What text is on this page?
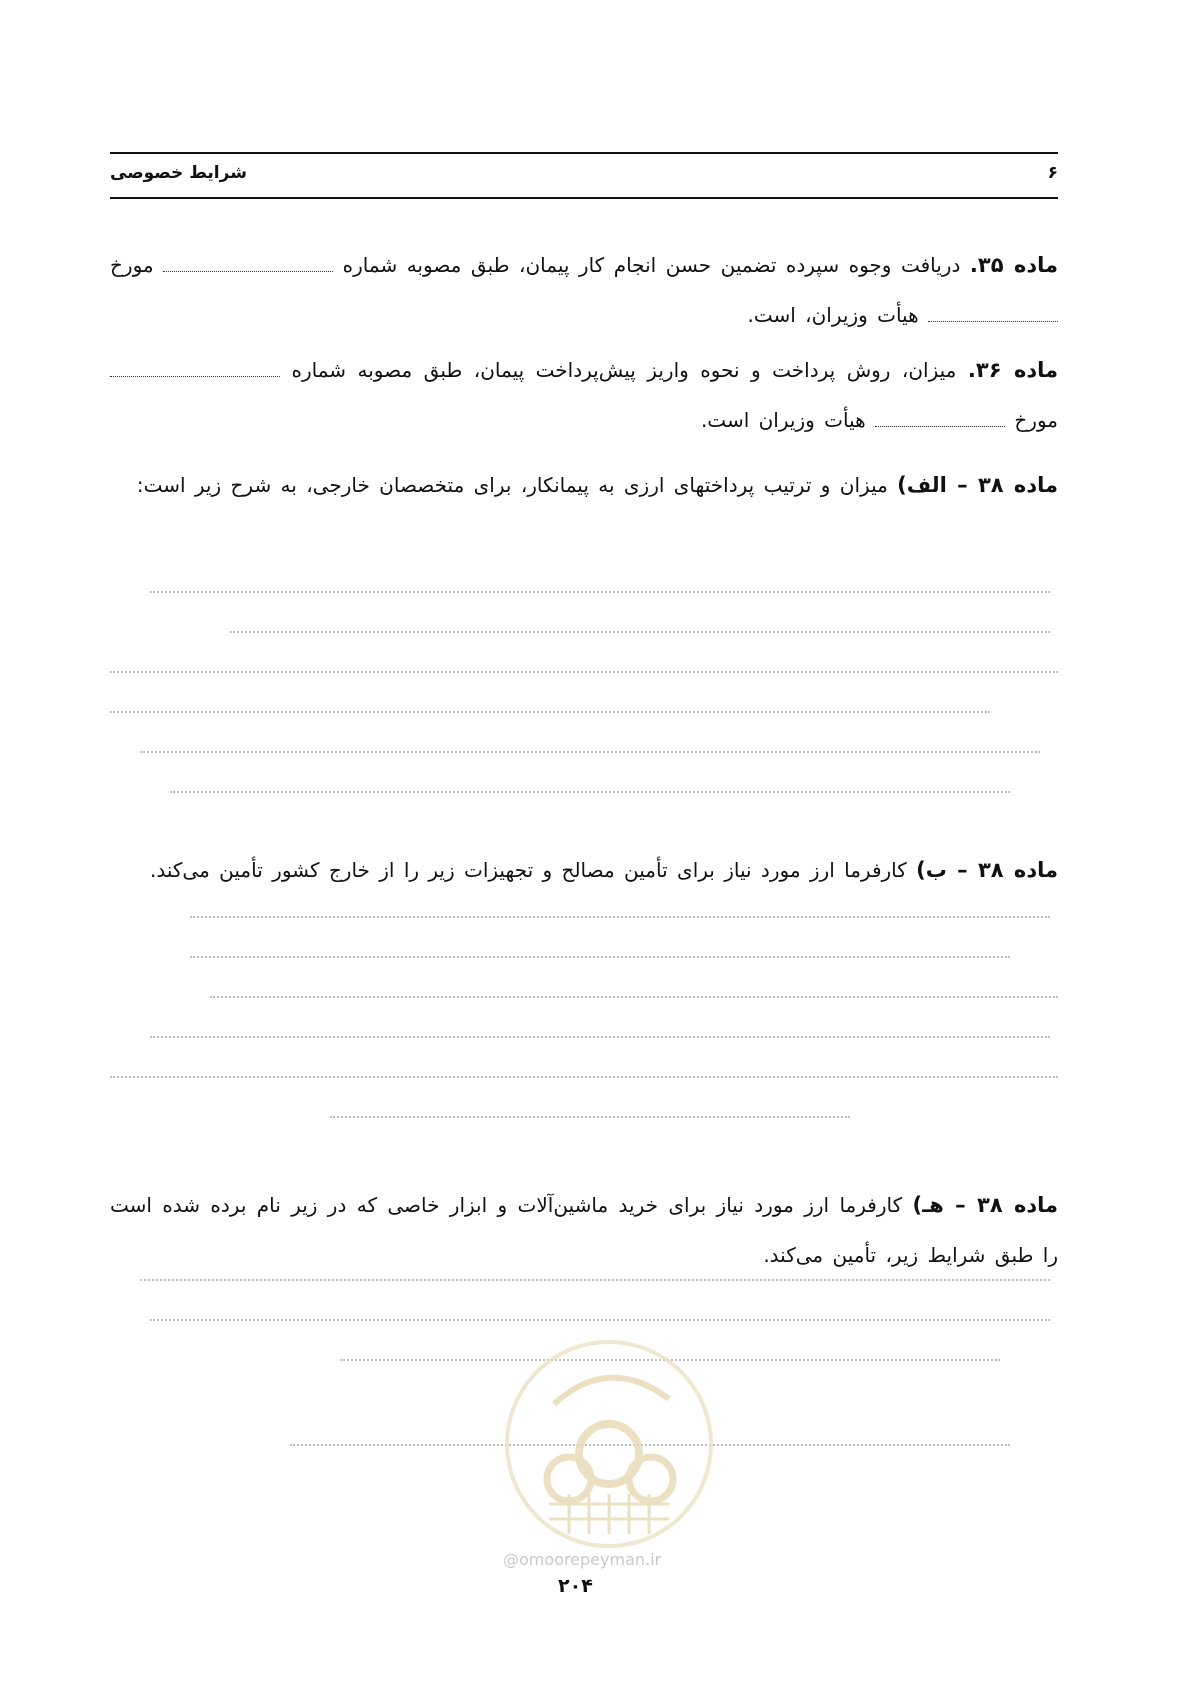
شرایط خصوصی	۶
ماده ۳۵. دریافت وجوه سپرده تضمین حسن انجام کار پیمان، طبق مصوبه شماره  مورخ  هیأت وزیران، است.
ماده ۳۶. میزان، روش پرداخت و نحوه واریز پیش‌پرداخت پیمان، طبق مصوبه شماره  مورخ  هیأت وزیران است.
ماده ۳۸ – الف) میزان و ترتیب پرداختهای ارزی به پیمانکار، برای متخصصان خارجی، به شرح زیر است:
ماده ۳۸ – ب) کارفرما ارز مورد نیاز برای تأمین مصالح و تجهیزات زیر را از خارج کشور تأمین می‌کند.
ماده ۳۸ – هـ) کارفرما ارز مورد نیاز برای خرید ماشین‌آلات و ابزار خاصی که در زیر نام برده شده است را طبق شرایط زیر، تأمین می‌کند.
@omoorepeyman.ir
۲۰۴
